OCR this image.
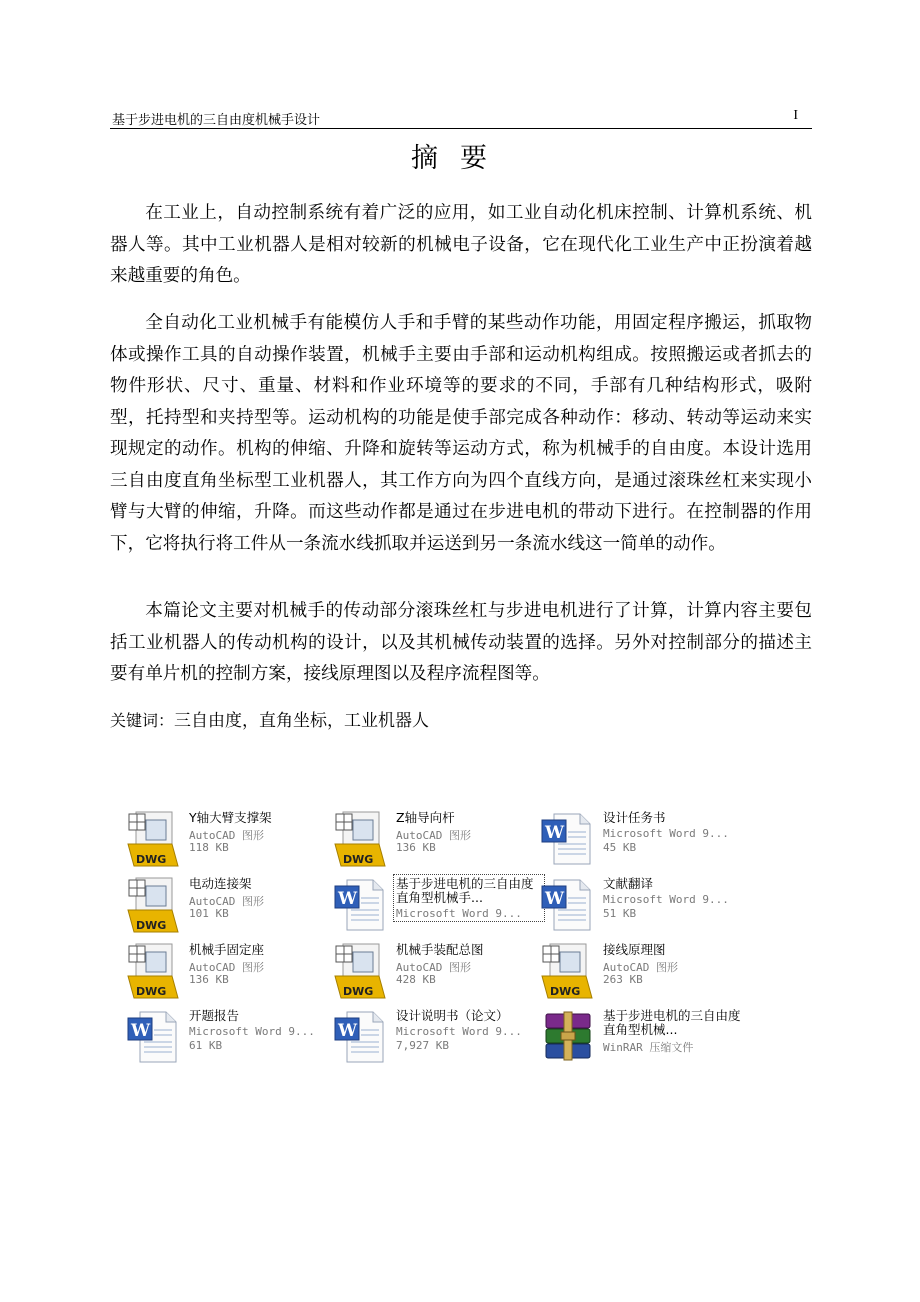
基于步进电机的三自由度机械手设计	I
摘要

在工业上，自动控制系统有着广泛的应用，如工业自动化机床控制、计算机系统、机器人等。其中工业机器人是相对较新的机械电子设备，它在现代化工业生产中正扮演着越来越重要的角色。

全自动化工业机械手有能模仿人手和手臂的某些动作功能，用固定程序搬运，抓取物体或操作工具的自动操作装置，机械手主要由手部和运动机构组成。按照搬运或者抓去的物件形状、尺寸、重量、材料和作业环境等的要求的不同，手部有几种结构形式，吸附型，托持型和夹持型等。运动机构的功能是使手部完成各种动作：移动、转动等运动来实现规定的动作。机构的伸缩、升降和旋转等运动方式，称为机械手的自由度。本设计选用三自由度直角坐标型工业机器人，其工作方向为四个直线方向，是通过滚珠丝杠来实现小臂与大臂的伸缩，升降。而这些动作都是通过在步进电机的带动下进行。在控制器的作用下，它将执行将工件从一条流水线抓取并运送到另一条流水线这一简单的动作。

本篇论文主要对机械手的传动部分滚珠丝杠与步进电机进行了计算，计算内容主要包括工业机器人的传动机构的设计，以及其机械传动装置的选择。另外对控制部分的描述主要有单片机的控制方案，接线原理图以及程序流程图等。

关键词：三自由度，直角坐标，工业机器人
DWG
Y轴大臂支撑架
AutoCAD 图形
118 KB
DWG
Z轴导向杆
AutoCAD 图形
136 KB
W
设计任务书
Microsoft Word 9...
45 KB
DWG
电动连接架
AutoCAD 图形
101 KB
W
基于步进电机的三自由度直角型机械手...
Microsoft Word 9...
W
文献翻译
Microsoft Word 9...
51 KB
DWG
机械手固定座
AutoCAD 图形
136 KB
DWG
机械手装配总图
AutoCAD 图形
428 KB
DWG
接线原理图
AutoCAD 图形
263 KB
W
开题报告
Microsoft Word 9...
61 KB
W
设计说明书（论文）
Microsoft Word 9...
7,927 KB
基于步进电机的三自由度直角型机械...
WinRAR 压缩文件
